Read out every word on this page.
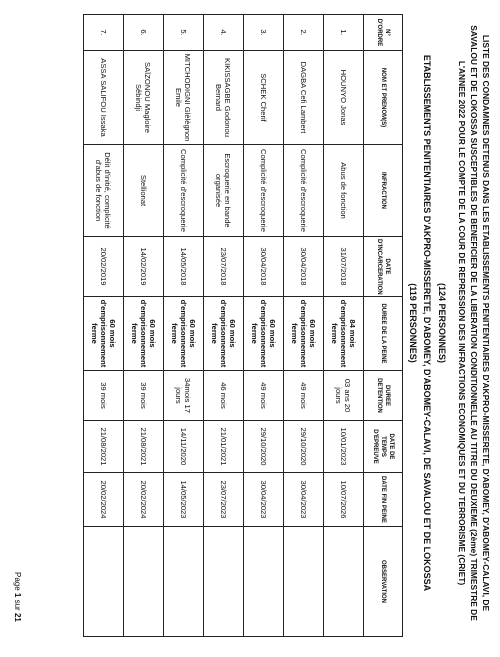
LISTE DES CONDAMNES DETENUS DANS LES ETABLISSEMENTS PENITENTIAIRES D'AKPRO-MISSERETE, D'ABOMEY, D'ABOMEY-CALAVI, DE SAVALOU ET DE LOKOSSA SUSCEPTIBLES DE BENEFICIER DE LA LIBERATION CONDITIONNELLE AU TITRE DU DEUXIEME (2ème) TRIMESTRE DE L'ANNEE 2022 POUR LE COMPTE DE LA COUR DE REPRESSION DES INFRACTIONS ECONOMIQUES ET DU TERRORISME (CRIET)
(124 PERSONNES)
ETABLISSEMENTS PENITENTIAIRES D'AKPRO-MISSERETE, D'ABOMEY, D'ABOMEY-CALAVI, DE SAVALOU ET DE LOKOSSA
(119 PERSONNES)
N° D'ORDRE	NOM ET PRENOM(S)	INFRACTION	DATE D'INCARCERATION	DUREE DE LA PEINE	DUREE DETENTION	DATE DE TEMPS D'EPREUVE	DATE FIN PEINE	OBSERVATION
1.	HOUNYO Jonas	Abus de fonction	31/07/2018	84 mois d'emprisonnement ferme	03 ans 20 jours	10/01/2023	10/07/2026	
2.	DAGBA Cefi Lambert	Complicité d'escroquerie	30/04/2018	60 mois d'emprisonnement ferme	49 mois	29/10/2020	30/04/2023	
3.	SCHEK Cherif	Complicité d'escroquerie	30/04/2018	60 mois d'emprisonnement ferme	49 mois	29/10/2020	30/04/2023	
4.	KIKISSAGBE Godonou Bernard	Escroquerie en bande organisée	23/07/2018	60 mois d'emprisonnement ferme	46 mois	21/01/2021	23/07/2023	
5.	MITCHODIGNI Glèlègnon Emile	Complicité d'escroquerie	14/05/2018	60 mois d'emprisonnement ferme	34mois 17 jours	14/11/2020	14/05/2023	
6.	SAÏZONOU Magloire Sêbindji	Stellionat	14/02/2019	60 mois d'emprisonnement ferme	39 mois	21/08/2021	20/02/2024	
7.	ASSA SALIFOU Issaka	Délit d'initié, complicité d'abus de fonction	20/02/2019	60 mois d'emprisonnement ferme	39 mois	21/08/2021	20/02/2024	
Page 1 sur 21
